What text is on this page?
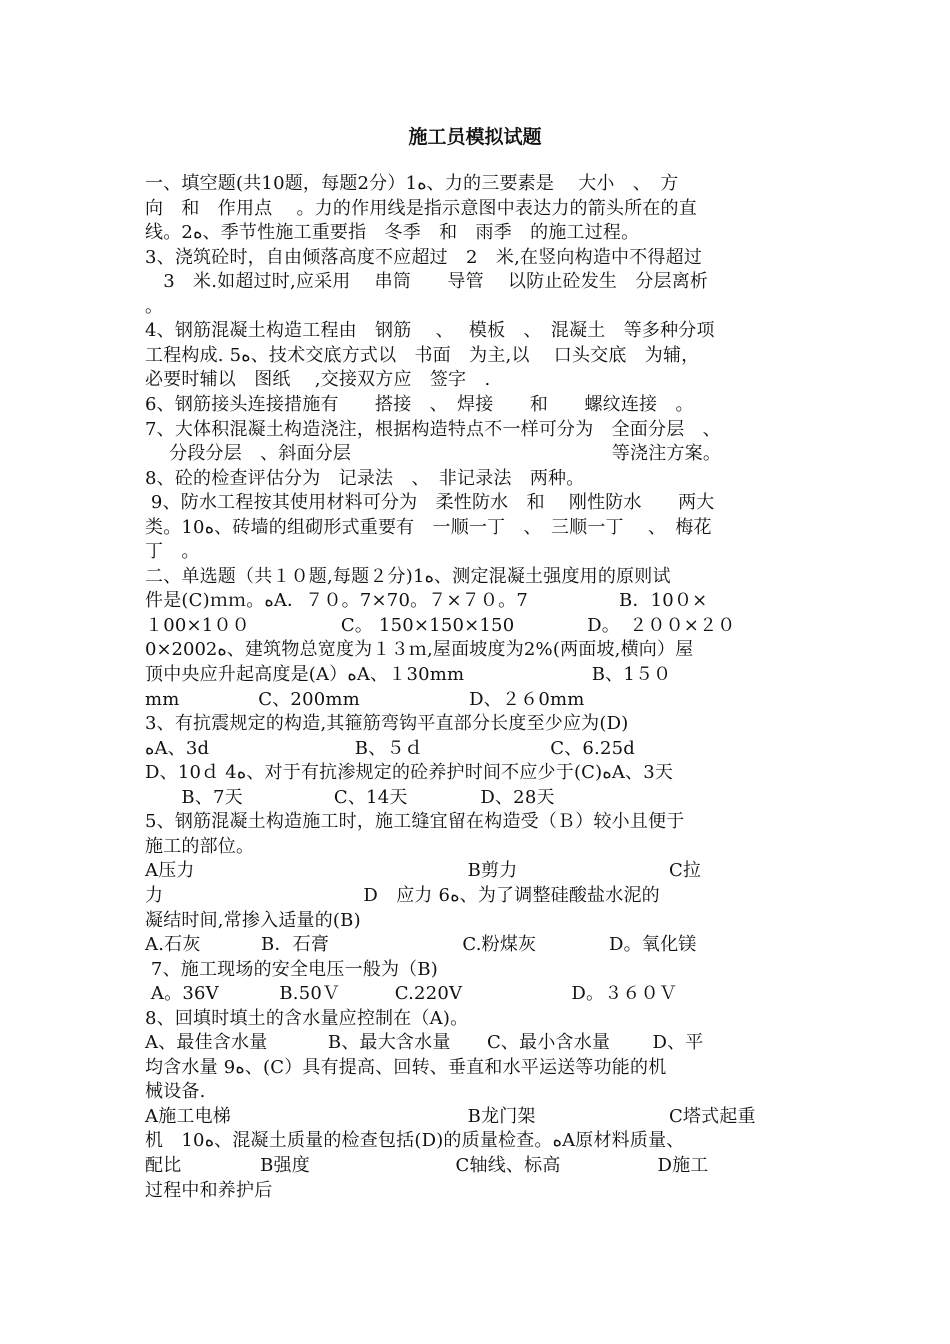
施工员模拟试题
一、填空题(共10题，每题2分）1ﻩ、力的三要素是　 大小　、　方
向　和　作用点　 。力的作用线是指示意图中表达力的箭头所在的直
线。2ﻩ、季节性施工重要指　冬季　和　雨季　的施工过程。
3、浇筑砼时，自由倾落高度不应超过　2　米,在竖向构造中不得超过
　3　米.如超过时,应采用　 串筒　　导管　 以防止砼发生　分层离析
。
4、钢筋混凝土构造工程由　钢筋　 、　 模板　、　混凝土　等多种分项
工程构成. 5ﻩ、技术交底方式以　书面　为主,以　 口头交底　为辅，
必要时辅以　图纸　 ,交接双方应　签字　.
6、钢筋接头连接措施有　　搭接　、　焊接　　和　　螺纹连接　。
7、大体积混凝土构造浇注，根据构造特点不一样可分为　全面分层　、
　 分段分层　、斜面分层　　　　　　　　　　　　　　 等浇注方案。
8、砼的检查评估分为　记录法　、　非记录法　两种。
9、防水工程按其使用材料可分为　柔性防水　和　 刚性防水　　两大
类。10ﻩ、砖墙的组砌形式重要有　一顺一丁　、　三顺一丁　 、　梅花
丁　。
二、单选题（共１０题,每题２分)1ﻩ、测定混凝土强度用的原则试
件是(C)ｍｍ。ﻩA．７０。7×70。７×７０。7　　　　　B．10０×
１00×1００　　　　　C。 150×150×150　　　　D。　２００×２０
0×2002ﻩ、建筑物总宽度为１３ｍ,屋面坡度为2%(两面坡,横向）屋
顶中央应升起高度是(A）ﻩA、１30mm　　　　　　　B、1５０
mm　　　　 C、200mm　　　　　　D、２６0mm
3、有抗震规定的构造,其箍筋弯钩平直部分长度至少应为(D)
ﻩA、3d　　　　　　　　B、５ｄ　　　　　　　C、6.25d
D、10ｄ 4ﻩ、对于有抗渗规定的砼养护时间不应少于(C)ﻩA、3天
　　B、7天　　　　　C、14天　　　　D、28天
5、钢筋混凝土构造施工时，施工缝宜留在构造受（Ｂ）较小且便于
施工的部位。
A压力　　　　　　　　　　　　　　　B剪力　　　　　　　　 C拉
力　　　　　　　　　　　D　应力 6ﻩ、为了调整硅酸盐水泥的
凝结时间,常掺入适量的(B)
A.石灰　　　 B．石膏　　　　　　　 C.粉煤灰　　　　D。氧化镁
7、施工现场的安全电压一般为（B)
A。36V　　　 B.50Ｖ　　　C.220V　　　　　　D。３６０Ｖ
8、回填时填土的含水量应控制在（A)。
A、最佳含水量　　　 B、最大含水量　　C、最小含水量　　 D、平
均含水量 9ﻩ、(C）具有提高、回转、垂直和水平运送等功能的机
械设备.
A施工电梯　　　　　　　　　　　　　B龙门架　　　　　　　 C塔式起重
机　10ﻩ、混凝土质量的检查包括(D)的质量检查。ﻩA原材料质量、
配比　　　　 B强度　　　　　　　　C轴线、标高　　　　　 D施工
过程中和养护后
